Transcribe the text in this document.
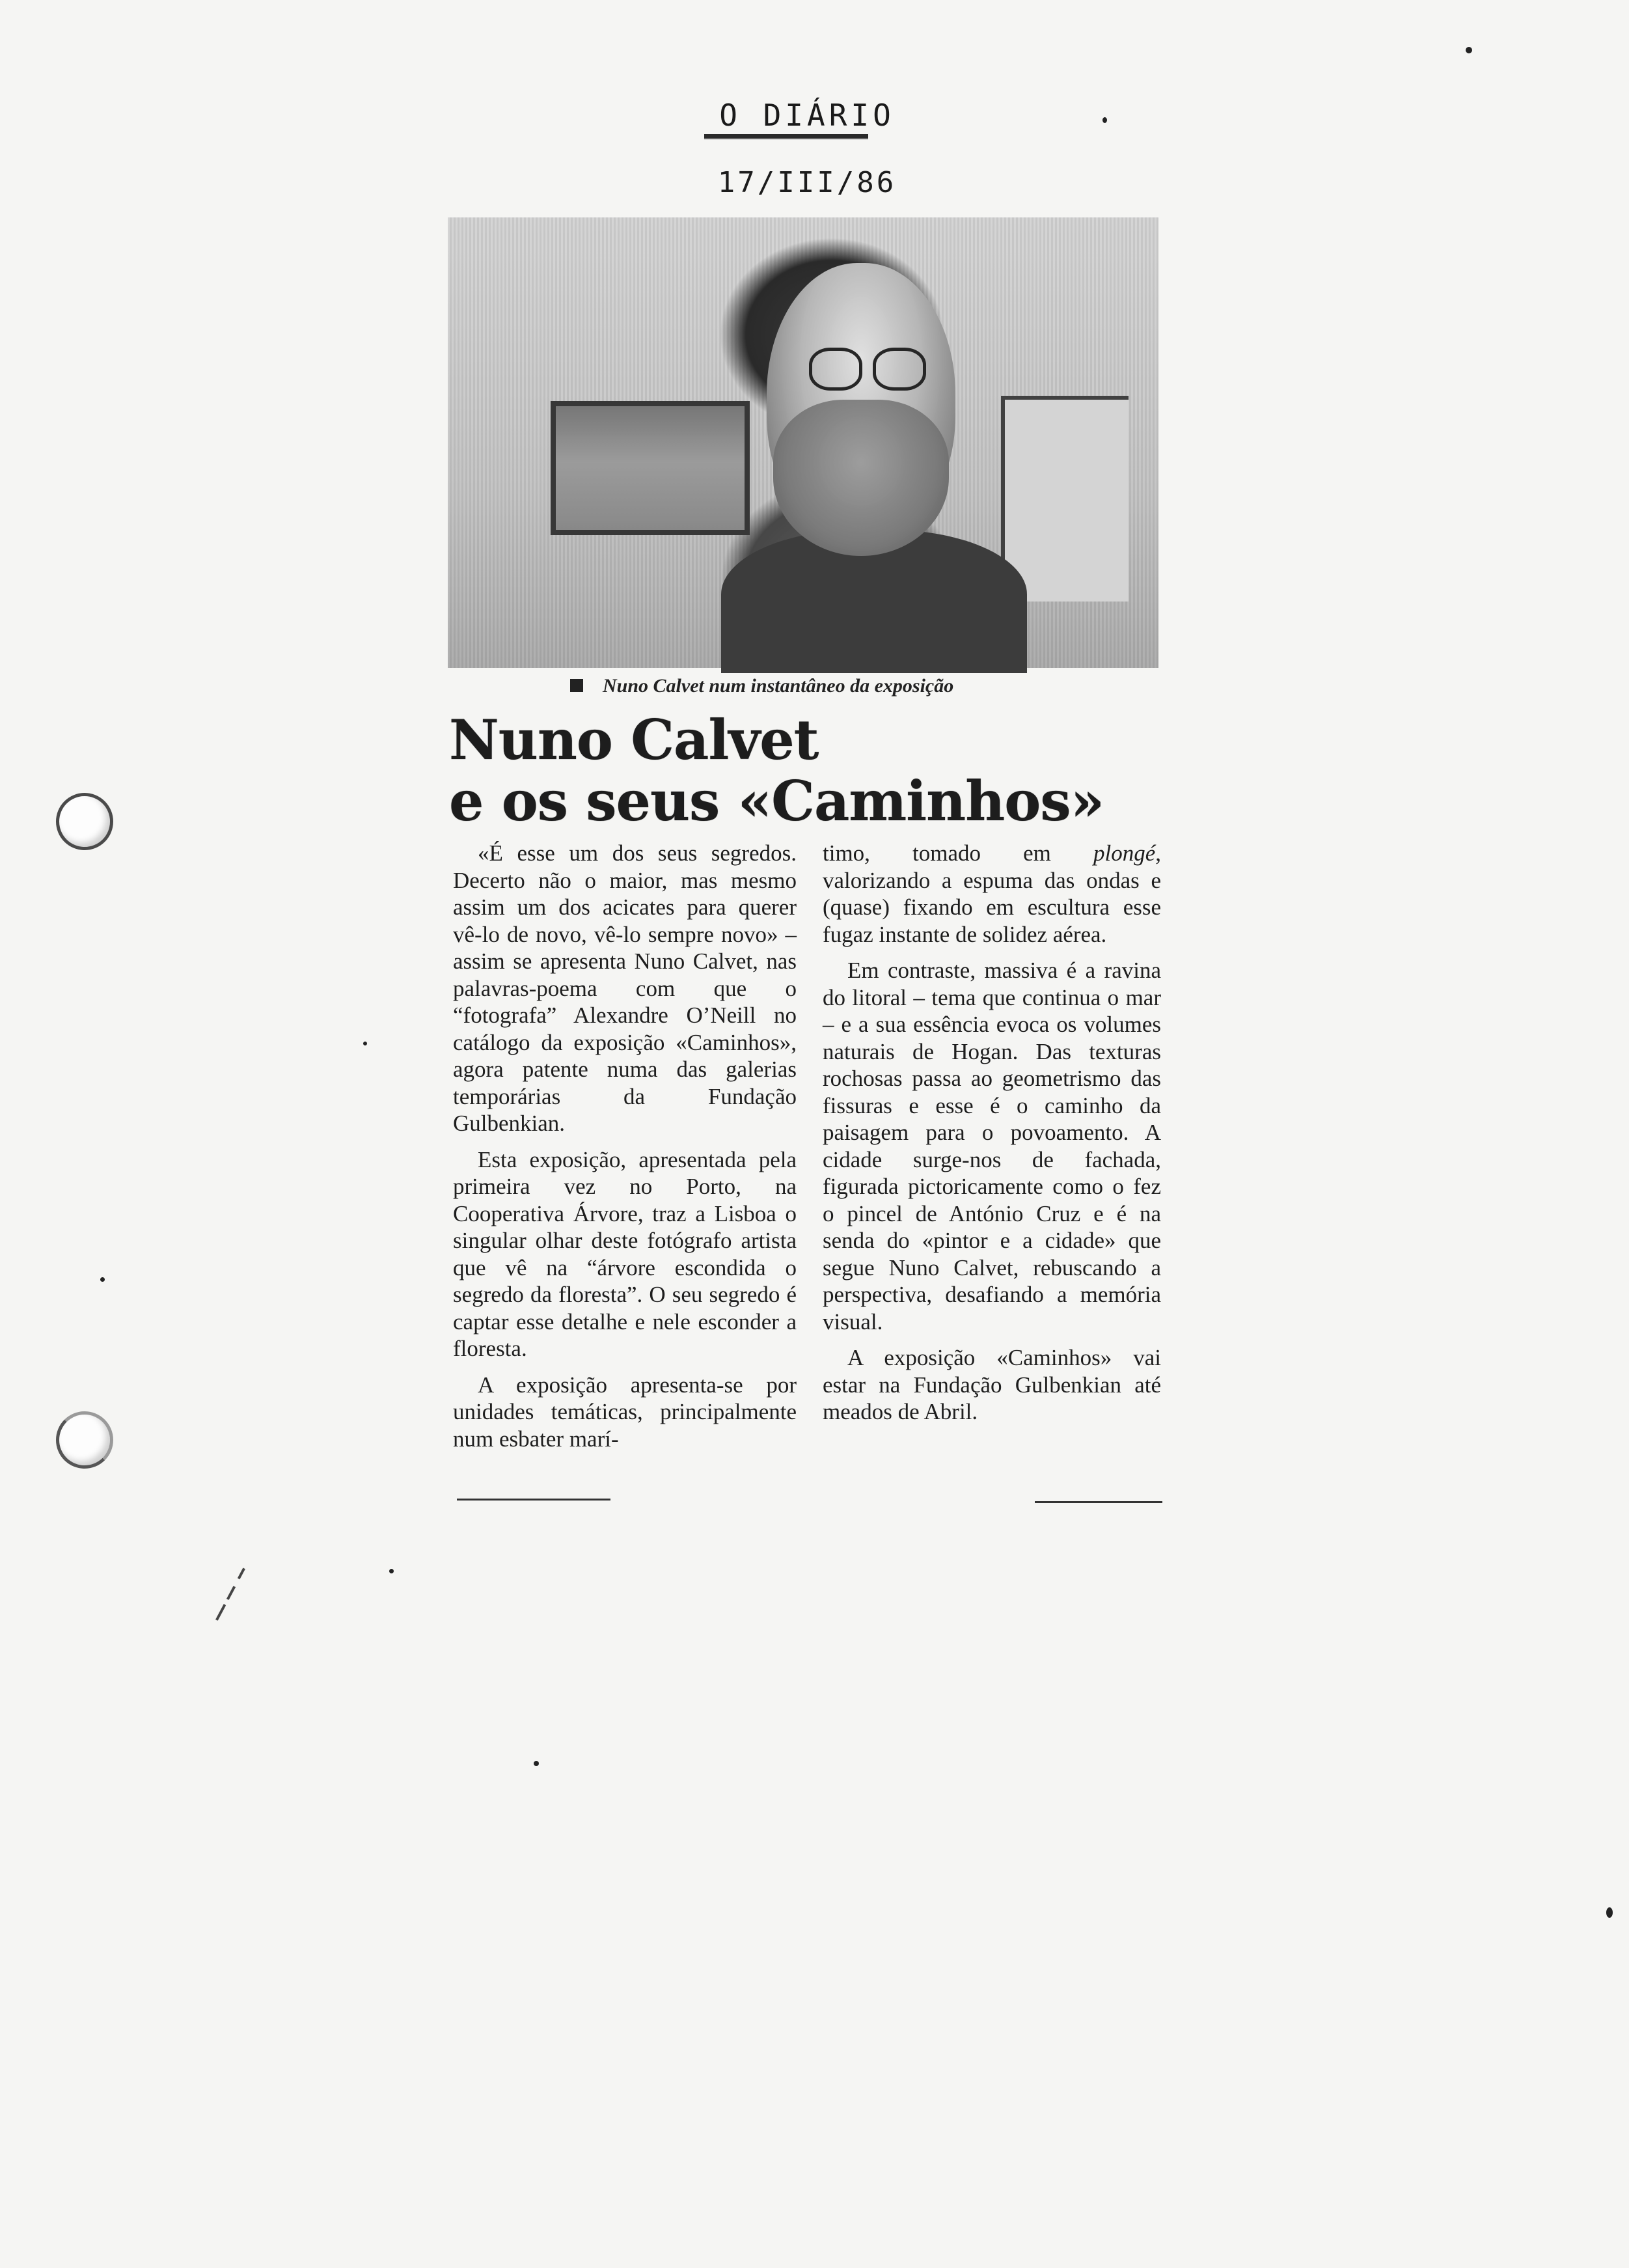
O DIÁRIO
17/III/86
Nuno Calvet num instantâneo da exposição
Nuno Calvet
e os seus «Caminhos»

«É esse um dos seus segredos. Decerto não o maior, mas mesmo assim um dos acicates para querer vê-lo de novo, vê-lo sempre novo» – assim se apresenta Nuno Calvet, nas palavras-poema com que o “fotografa” Alexandre O’Neill no catálogo da exposição «Caminhos», agora patente numa das galerias temporárias da Fundação Gulbenkian.

Esta exposição, apresentada pela primeira vez no Porto, na Cooperativa Árvore, traz a Lisboa o singular olhar deste fotógrafo artista que vê na “árvore escondida o segredo da floresta”. O seu segredo é captar esse detalhe e nele esconder a floresta.

A exposição apresenta-se por unidades temáticas, principalmente num esbater marí-

timo, tomado em plongé, valorizando a espuma das ondas e (quase) fixando em escultura esse fugaz instante de solidez aérea.

Em contraste, massiva é a ravina do litoral – tema que continua o mar – e a sua essência evoca os volumes naturais de Hogan. Das texturas rochosas passa ao geometrismo das fissuras e esse é o caminho da paisagem para o povoamento. A cidade surge-nos de fachada, figurada pictoricamente como o fez o pincel de António Cruz e é na senda do «pintor e a cidade» que segue Nuno Calvet, rebuscando a perspectiva, desafiando a memória visual.

A exposição «Caminhos» vai estar na Fundação Gulbenkian até meados de Abril.
